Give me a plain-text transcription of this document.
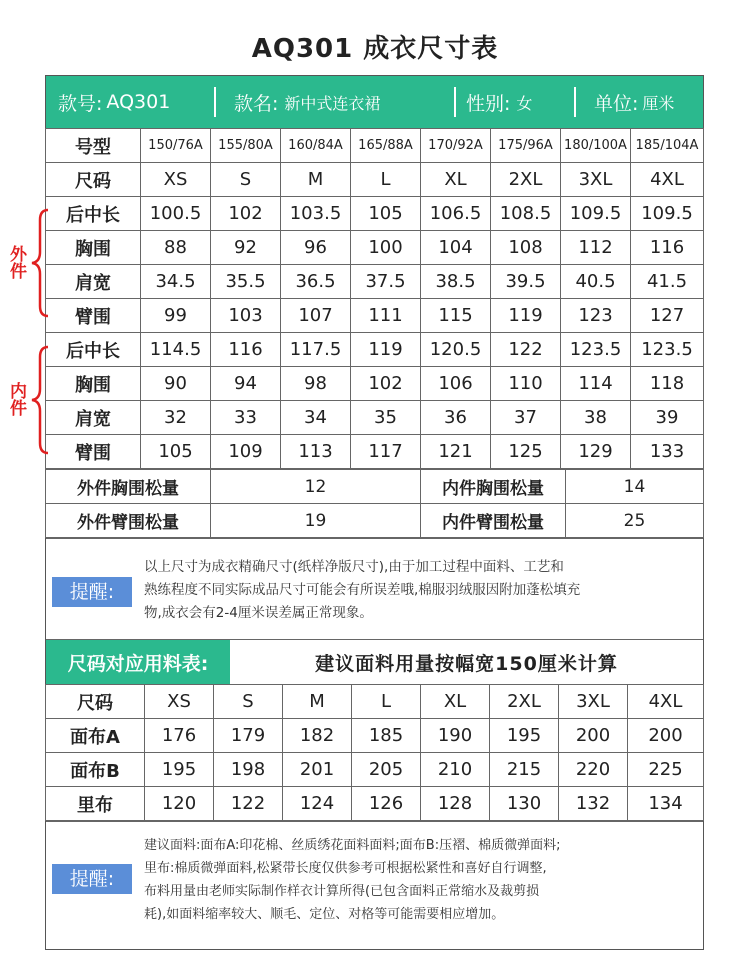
AQ301 成衣尺寸表
款号: AQ301	款名: 新中式连衣裙	性别: 女	单位: 厘米
号型	150/76A	155/80A	160/84A	165/88A	170/92A	175/96A	180/100A	185/104A
尺码	XS	S	M	L	XL	2XL	3XL	4XL
后中长	100.5	102	103.5	105	106.5	108.5	109.5	109.5
胸围	88	92	96	100	104	108	112	116
肩宽	34.5	35.5	36.5	37.5	38.5	39.5	40.5	41.5
臂围	99	103	107	111	115	119	123	127
后中长	114.5	116	117.5	119	120.5	122	123.5	123.5
胸围	90	94	98	102	106	110	114	118
肩宽	32	33	34	35	36	37	38	39
臂围	105	109	113	117	121	125	129	133
外件胸围松量	12	内件胸围松量	14
外件臂围松量	19	内件臂围松量	25
提醒:
以上尺寸为成衣精确尺寸(纸样净版尺寸),由于加工过程中面料、工艺和
熟练程度不同实际成品尺寸可能会有所误差哦,棉服羽绒服因附加蓬松填充
物,成衣会有2-4厘米误差属正常现象。
尺码对应用料表:	建议面料用量按幅宽150厘米计算
尺码	XS	S	M	L	XL	2XL	3XL	4XL
面布A	176	179	182	185	190	195	200	200
面布B	195	198	201	205	210	215	220	225
里布	120	122	124	126	128	130	132	134
提醒:
建议面料:面布A:印花棉、丝质绣花面料面料;面布B:压褶、棉质微弹面料;
里布:棉质微弹面料,松紧带长度仅供参考可根据松紧性和喜好自行调整,
布料用量由老师实际制作样衣计算所得(已包含面料正常缩水及裁剪损
耗),如面料缩率较大、顺毛、定位、对格等可能需要相应增加。
外件
内件
